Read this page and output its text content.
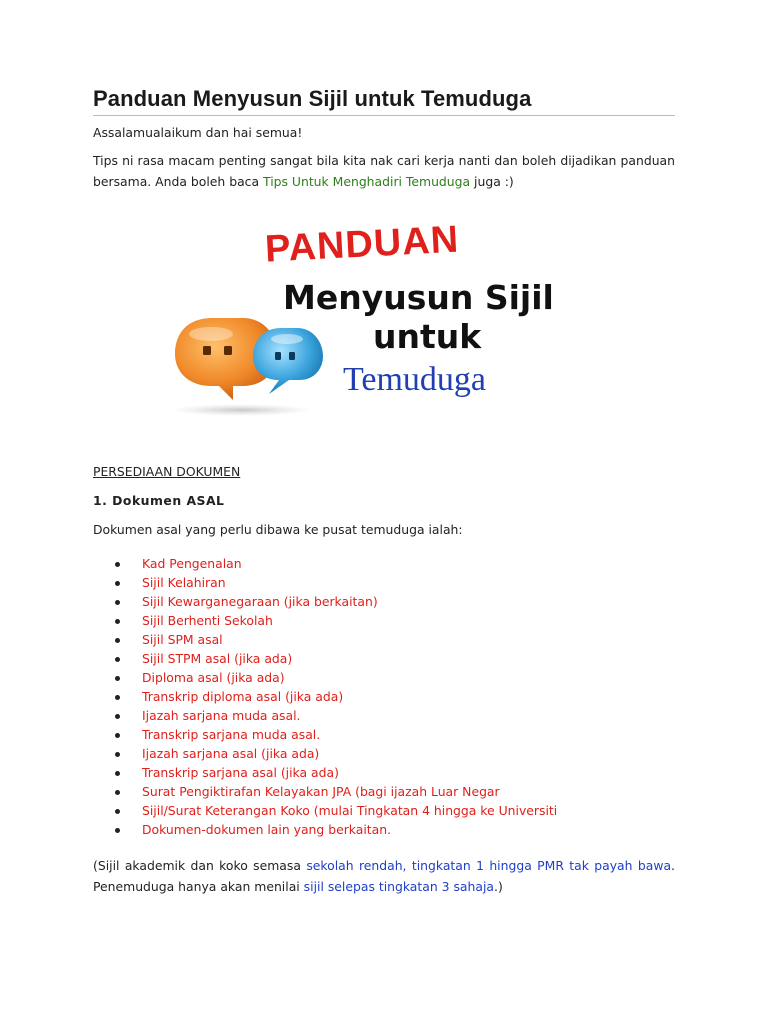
Panduan Menyusun Sijil untuk Temuduga

Assalamualaikum dan hai semua!

Tips ni rasa macam penting sangat bila kita nak cari kerja nanti dan boleh dijadikan panduan bersama. Anda boleh baca Tips Untuk Menghadiri Temuduga juga :)

PANDUAN
Menyusun Sijil
untuk
Temuduga

PERSEDIAAN DOKUMEN

1. Dokumen ASAL

Dokumen asal yang perlu dibawa ke pusat temuduga ialah:

Kad Pengenalan
Sijil Kelahiran
Sijil Kewarganegaraan (jika berkaitan)
Sijil Berhenti Sekolah
Sijil SPM asal
Sijil STPM asal (jika ada)
Diploma asal (jika ada)
Transkrip diploma asal (jika ada)
Ijazah sarjana muda asal.
Transkrip sarjana muda asal.
Ijazah sarjana asal (jika ada)
Transkrip sarjana asal (jika ada)
Surat Pengiktirafan Kelayakan JPA (bagi ijazah Luar Negar
Sijil/Surat Keterangan Koko (mulai Tingkatan 4 hingga ke Universiti
Dokumen-dokumen lain yang berkaitan.

(Sijil akademik dan koko semasa sekolah rendah, tingkatan 1 hingga PMR tak payah bawa. Penemuduga hanya akan menilai sijil selepas tingkatan 3 sahaja.)
